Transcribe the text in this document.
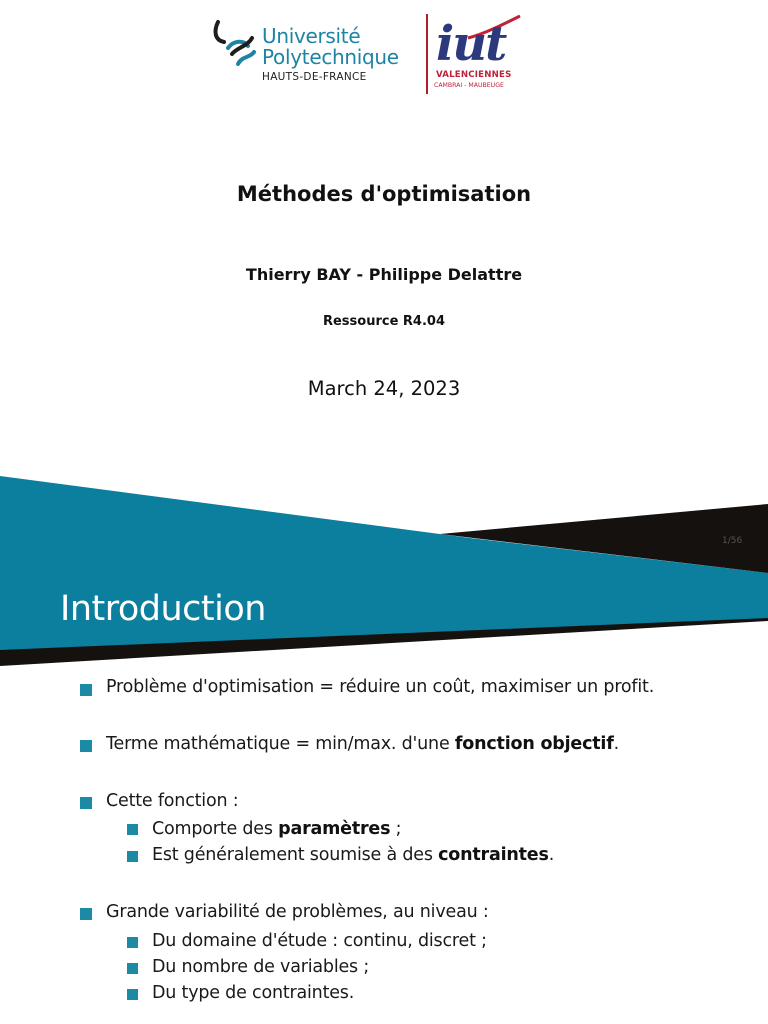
Université
Polytechnique
HAUTS-DE-FRANCE
iut
VALENCIENNES
CAMBRAI - MAUBEUGE
Méthodes d'optimisation
Thierry BAY - Philippe Delattre
Ressource R4.04
March 24, 2023
1/56
Introduction
Problème d'optimisation = réduire un coût, maximiser un profit.
Terme mathématique = min/max. d'une fonction objectif.
Cette fonction :
Comporte des paramètres ;
Est généralement soumise à des contraintes.
Grande variabilité de problèmes, au niveau :
Du domaine d'étude : continu, discret ;
Du nombre de variables ;
Du type de contraintes.
